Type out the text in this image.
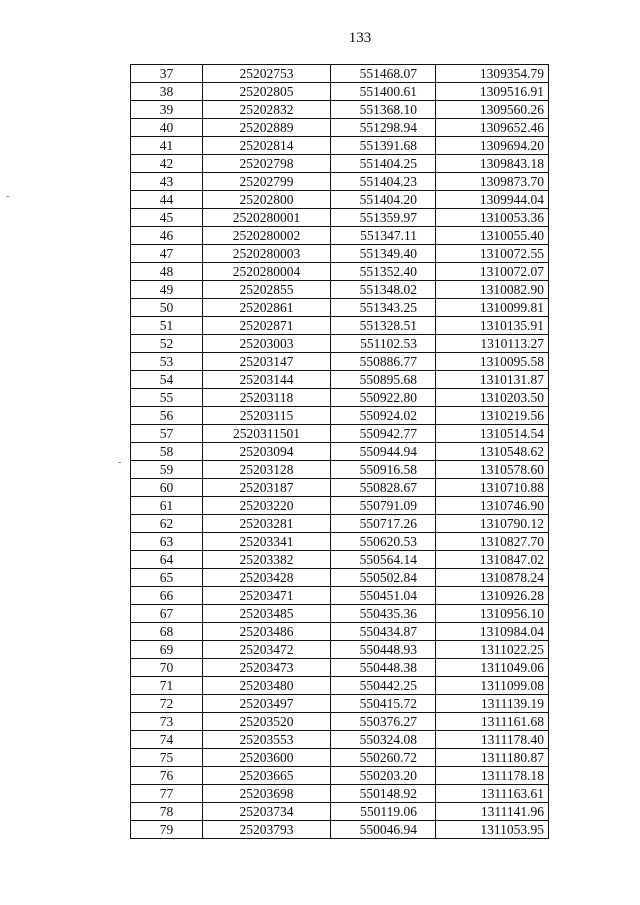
133
37	25202753	551468.07	1309354.79
38	25202805	551400.61	1309516.91
39	25202832	551368.10	1309560.26
40	25202889	551298.94	1309652.46
41	25202814	551391.68	1309694.20
42	25202798	551404.25	1309843.18
43	25202799	551404.23	1309873.70
44	25202800	551404.20	1309944.04
45	2520280001	551359.97	1310053.36
46	2520280002	551347.11	1310055.40
47	2520280003	551349.40	1310072.55
48	2520280004	551352.40	1310072.07
49	25202855	551348.02	1310082.90
50	25202861	551343.25	1310099.81
51	25202871	551328.51	1310135.91
52	25203003	551102.53	1310113.27
53	25203147	550886.77	1310095.58
54	25203144	550895.68	1310131.87
55	25203118	550922.80	1310203.50
56	25203115	550924.02	1310219.56
57	2520311501	550942.77	1310514.54
58	25203094	550944.94	1310548.62
59	25203128	550916.58	1310578.60
60	25203187	550828.67	1310710.88
61	25203220	550791.09	1310746.90
62	25203281	550717.26	1310790.12
63	25203341	550620.53	1310827.70
64	25203382	550564.14	1310847.02
65	25203428	550502.84	1310878.24
66	25203471	550451.04	1310926.28
67	25203485	550435.36	1310956.10
68	25203486	550434.87	1310984.04
69	25203472	550448.93	1311022.25
70	25203473	550448.38	1311049.06
71	25203480	550442.25	1311099.08
72	25203497	550415.72	1311139.19
73	25203520	550376.27	1311161.68
74	25203553	550324.08	1311178.40
75	25203600	550260.72	1311180.87
76	25203665	550203.20	1311178.18
77	25203698	550148.92	1311163.61
78	25203734	550119.06	1311141.96
79	25203793	550046.94	1311053.95
